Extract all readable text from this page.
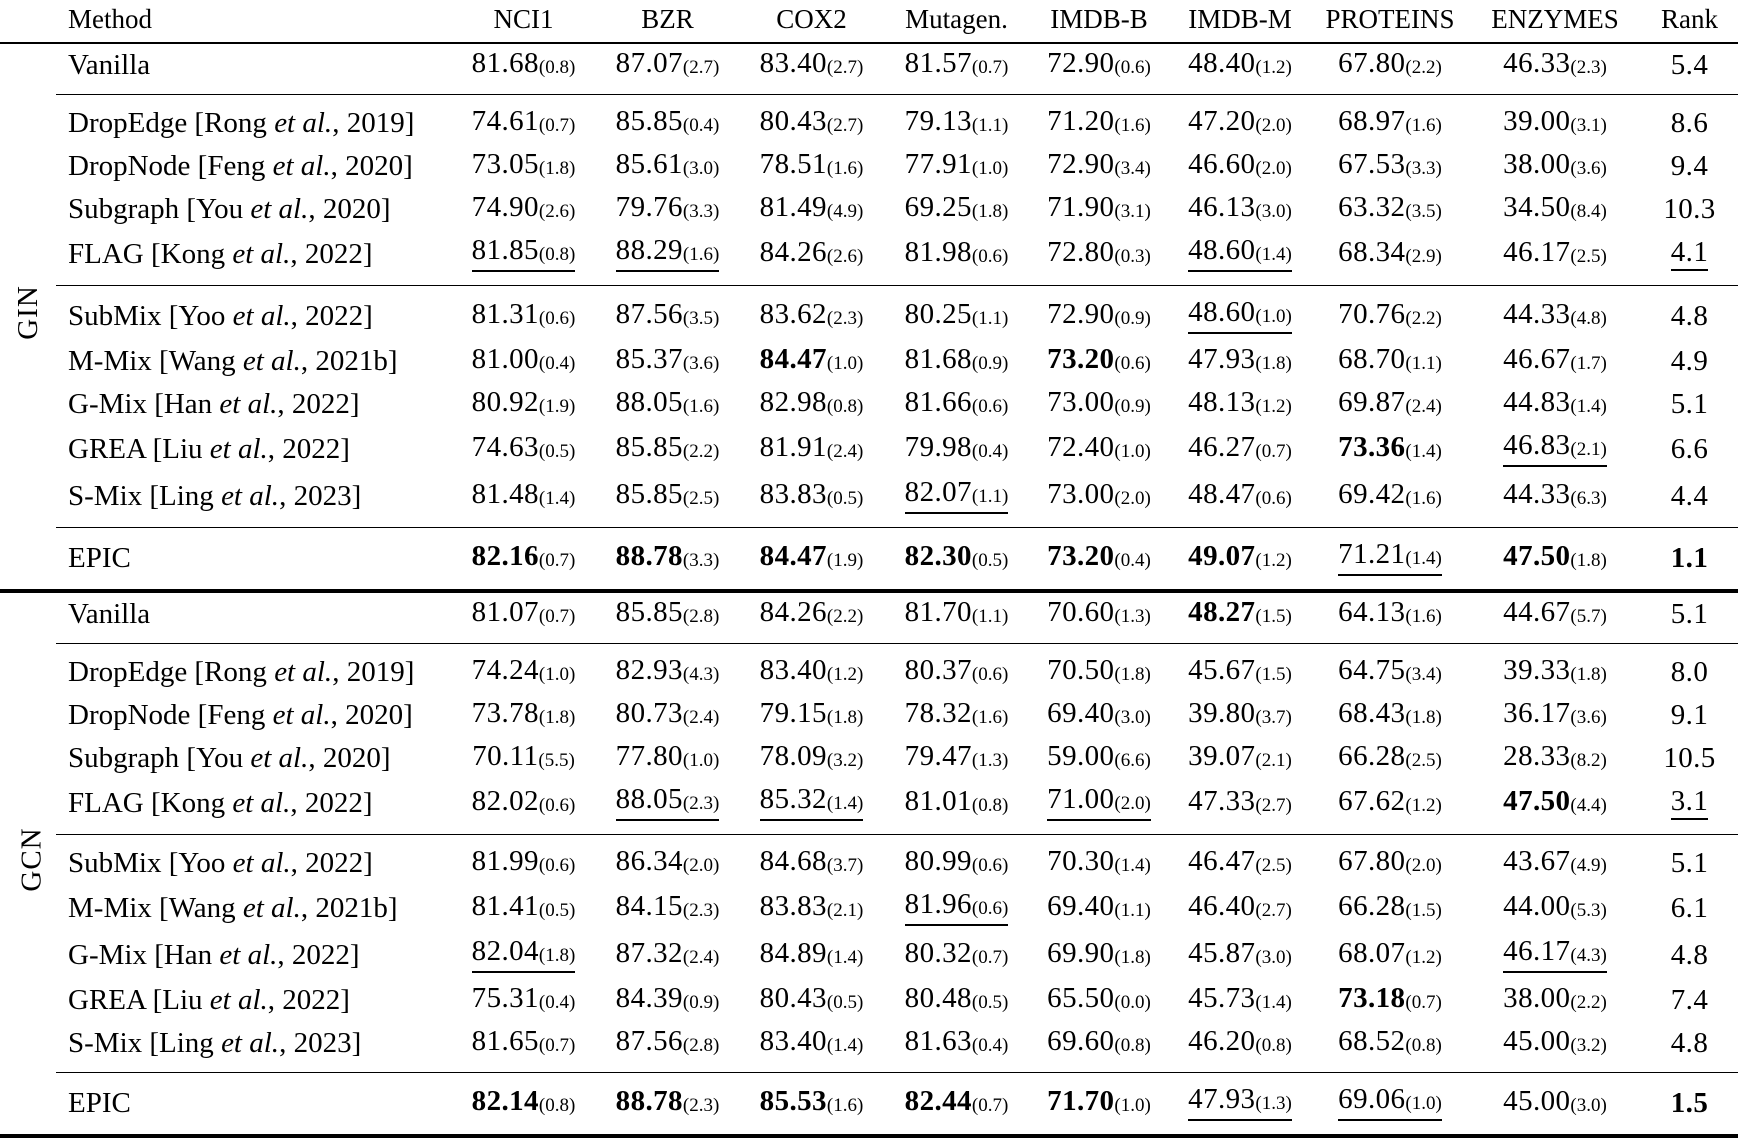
	Method	NCI1	BZR	COX2	Mutagen.	IMDB-B	IMDB-M	PROTEINS	ENZYMES	Rank
GIN	Vanilla	81.68(0.8)	87.07(2.7)	83.40(2.7)	81.57(0.7)	72.90(0.6)	48.40(1.2)	67.80(2.2)	46.33(2.3)	5.4
	DropEdge [Rong et al., 2019]	74.61(0.7)	85.85(0.4)	80.43(2.7)	79.13(1.1)	71.20(1.6)	47.20(2.0)	68.97(1.6)	39.00(3.1)	8.6
	DropNode [Feng et al., 2020]	73.05(1.8)	85.61(3.0)	78.51(1.6)	77.91(1.0)	72.90(3.4)	46.60(2.0)	67.53(3.3)	38.00(3.6)	9.4
	Subgraph [You et al., 2020]	74.90(2.6)	79.76(3.3)	81.49(4.9)	69.25(1.8)	71.90(3.1)	46.13(3.0)	63.32(3.5)	34.50(8.4)	10.3
	FLAG [Kong et al., 2022]	81.85(0.8)	88.29(1.6)	84.26(2.6)	81.98(0.6)	72.80(0.3)	48.60(1.4)	68.34(2.9)	46.17(2.5)	4.1
	SubMix [Yoo et al., 2022]	81.31(0.6)	87.56(3.5)	83.62(2.3)	80.25(1.1)	72.90(0.9)	48.60(1.0)	70.76(2.2)	44.33(4.8)	4.8
	M-Mix [Wang et al., 2021b]	81.00(0.4)	85.37(3.6)	84.47(1.0)	81.68(0.9)	73.20(0.6)	47.93(1.8)	68.70(1.1)	46.67(1.7)	4.9
	G-Mix [Han et al., 2022]	80.92(1.9)	88.05(1.6)	82.98(0.8)	81.66(0.6)	73.00(0.9)	48.13(1.2)	69.87(2.4)	44.83(1.4)	5.1
	GREA [Liu et al., 2022]	74.63(0.5)	85.85(2.2)	81.91(2.4)	79.98(0.4)	72.40(1.0)	46.27(0.7)	73.36(1.4)	46.83(2.1)	6.6
	S-Mix [Ling et al., 2023]	81.48(1.4)	85.85(2.5)	83.83(0.5)	82.07(1.1)	73.00(2.0)	48.47(0.6)	69.42(1.6)	44.33(6.3)	4.4
	EPIC	82.16(0.7)	88.78(3.3)	84.47(1.9)	82.30(0.5)	73.20(0.4)	49.07(1.2)	71.21(1.4)	47.50(1.8)	1.1
GCN	Vanilla	81.07(0.7)	85.85(2.8)	84.26(2.2)	81.70(1.1)	70.60(1.3)	48.27(1.5)	64.13(1.6)	44.67(5.7)	5.1
	DropEdge [Rong et al., 2019]	74.24(1.0)	82.93(4.3)	83.40(1.2)	80.37(0.6)	70.50(1.8)	45.67(1.5)	64.75(3.4)	39.33(1.8)	8.0
	DropNode [Feng et al., 2020]	73.78(1.8)	80.73(2.4)	79.15(1.8)	78.32(1.6)	69.40(3.0)	39.80(3.7)	68.43(1.8)	36.17(3.6)	9.1
	Subgraph [You et al., 2020]	70.11(5.5)	77.80(1.0)	78.09(3.2)	79.47(1.3)	59.00(6.6)	39.07(2.1)	66.28(2.5)	28.33(8.2)	10.5
	FLAG [Kong et al., 2022]	82.02(0.6)	88.05(2.3)	85.32(1.4)	81.01(0.8)	71.00(2.0)	47.33(2.7)	67.62(1.2)	47.50(4.4)	3.1
	SubMix [Yoo et al., 2022]	81.99(0.6)	86.34(2.0)	84.68(3.7)	80.99(0.6)	70.30(1.4)	46.47(2.5)	67.80(2.0)	43.67(4.9)	5.1
	M-Mix [Wang et al., 2021b]	81.41(0.5)	84.15(2.3)	83.83(2.1)	81.96(0.6)	69.40(1.1)	46.40(2.7)	66.28(1.5)	44.00(5.3)	6.1
	G-Mix [Han et al., 2022]	82.04(1.8)	87.32(2.4)	84.89(1.4)	80.32(0.7)	69.90(1.8)	45.87(3.0)	68.07(1.2)	46.17(4.3)	4.8
	GREA [Liu et al., 2022]	75.31(0.4)	84.39(0.9)	80.43(0.5)	80.48(0.5)	65.50(0.0)	45.73(1.4)	73.18(0.7)	38.00(2.2)	7.4
	S-Mix [Ling et al., 2023]	81.65(0.7)	87.56(2.8)	83.40(1.4)	81.63(0.4)	69.60(0.8)	46.20(0.8)	68.52(0.8)	45.00(3.2)	4.8
	EPIC	82.14(0.8)	88.78(2.3)	85.53(1.6)	82.44(0.7)	71.70(1.0)	47.93(1.3)	69.06(1.0)	45.00(3.0)	1.5
